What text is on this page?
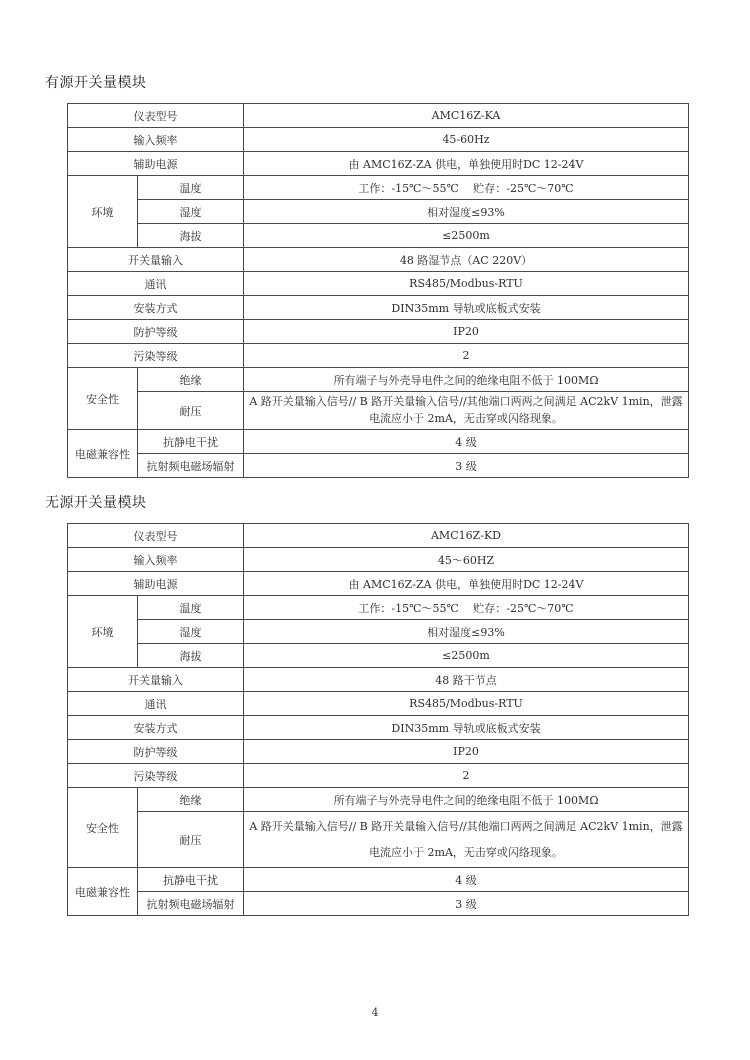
有源开关量模块
仪表型号		AMC16Z-KA
输入频率		45-60Hz
辅助电源		由 AMC16Z-ZA 供电，单独使用时DC 12-24V
环境	温度	工作：-15℃～55℃　 贮存：-25℃～70℃
	湿度	相对湿度≤93%
	海拔	≤2500m
开关量输入		48 路湿节点（AC 220V）
通讯		RS485/Modbus-RTU
安装方式		DIN35mm 导轨或底板式安装
防护等级		IP20
污染等级		2
安全性	绝缘	所有端子与外壳导电件之间的绝缘电阻不低于 100MΩ
	耐压	A 路开关量输入信号// B 路开关量输入信号//其他端口两两之间满足 AC2kV 1min，泄露电流应小于 2mA，无击穿或闪络现象。
电磁兼容性	抗静电干扰	4 级
	抗射频电磁场辐射	3 级
无源开关量模块
仪表型号		AMC16Z-KD
输入频率		45～60HZ
辅助电源		由 AMC16Z-ZA 供电，单独使用时DC 12-24V
环境	温度	工作：-15℃～55℃　 贮存：-25℃～70℃
	湿度	相对湿度≤93%
	海拔	≤2500m
开关量输入		48 路干节点
通讯		RS485/Modbus-RTU
安装方式		DIN35mm 导轨或底板式安装
防护等级		IP20
污染等级		2
安全性	绝缘	所有端子与外壳导电件之间的绝缘电阻不低于 100MΩ
	耐压	A 路开关量输入信号// B 路开关量输入信号//其他端口两两之间满足 AC2kV 1min，泄露电流应小于 2mA，无击穿或闪络现象。
电磁兼容性	抗静电干扰	4 级
	抗射频电磁场辐射	3 级
4
